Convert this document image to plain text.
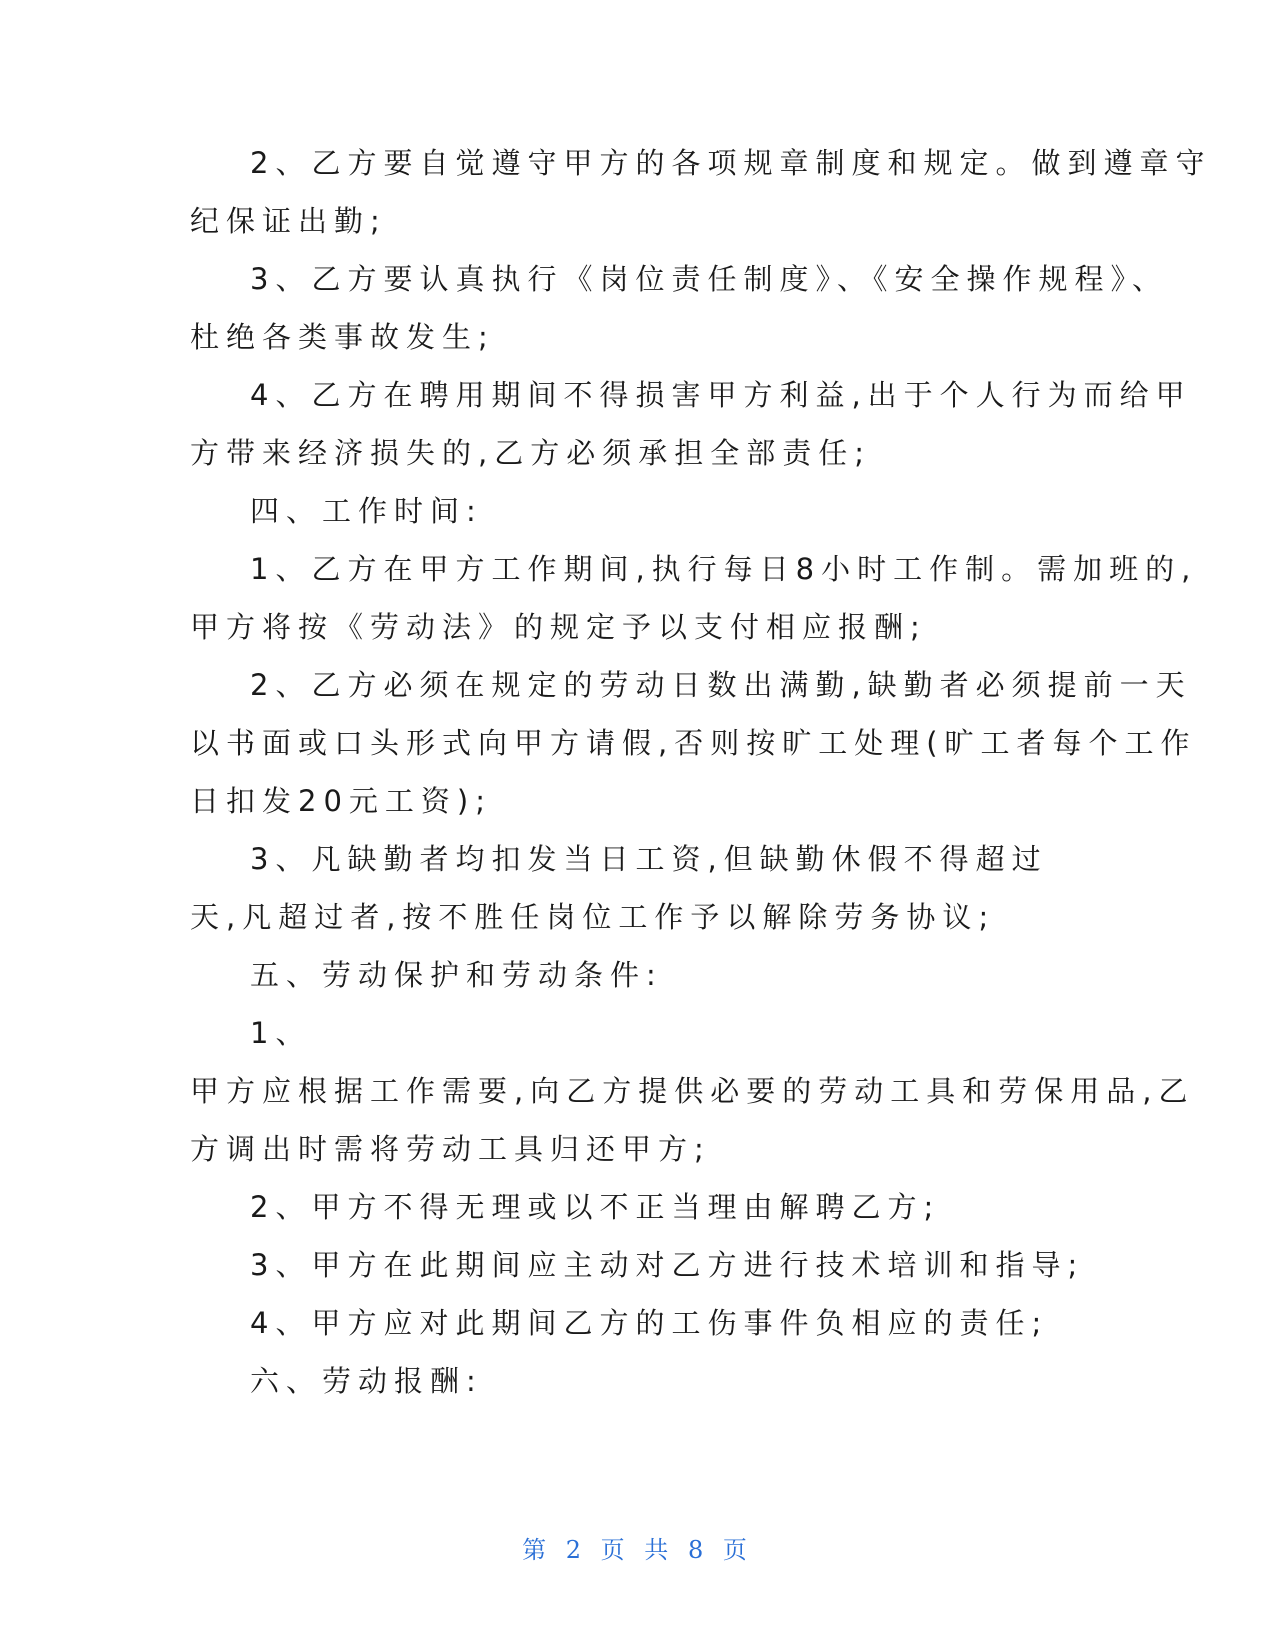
2、乙方要自觉遵守甲方的各项规章制度和规定。做到遵章守
纪保证出勤;
3、乙方要认真执行《岗位责任制度》、《安全操作规程》、
杜绝各类事故发生;
4、乙方在聘用期间不得损害甲方利益,出于个人行为而给甲
方带来经济损失的,乙方必须承担全部责任;
四、工作时间:
1、乙方在甲方工作期间,执行每日8小时工作制。需加班的,
甲方将按《劳动法》的规定予以支付相应报酬;
2、乙方必须在规定的劳动日数出满勤,缺勤者必须提前一天
以书面或口头形式向甲方请假,否则按旷工处理(旷工者每个工作
日扣发20元工资);
3、凡缺勤者均扣发当日工资,但缺勤休假不得超过
天,凡超过者,按不胜任岗位工作予以解除劳务协议;
五、劳动保护和劳动条件:
1、
甲方应根据工作需要,向乙方提供必要的劳动工具和劳保用品,乙
方调出时需将劳动工具归还甲方;
2、甲方不得无理或以不正当理由解聘乙方;
3、甲方在此期间应主动对乙方进行技术培训和指导;
4、甲方应对此期间乙方的工伤事件负相应的责任;
六、劳动报酬:
第 2 页 共 8 页
